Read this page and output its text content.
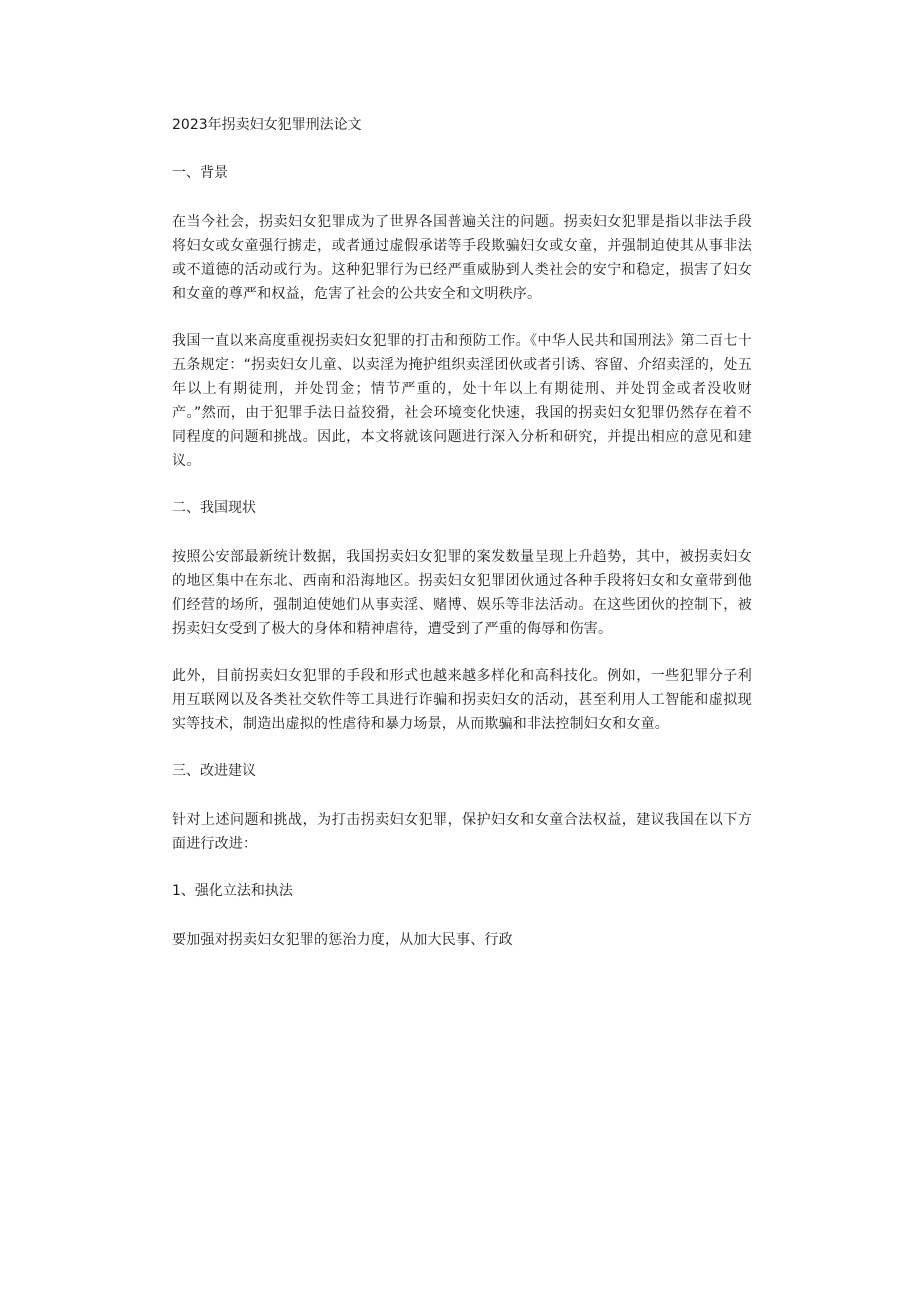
2023年拐卖妇女犯罪刑法论文
一、背景

在当今社会，拐卖妇女犯罪成为了世界各国普遍关注的问题。拐卖妇女犯罪是指以非法手段将妇女或女童强行掳走，或者通过虚假承诺等手段欺骗妇女或女童，并强制迫使其从事非法或不道德的活动或行为。这种犯罪行为已经严重威胁到人类社会的安宁和稳定，损害了妇女和女童的尊严和权益，危害了社会的公共安全和文明秩序。

我国一直以来高度重视拐卖妇女犯罪的打击和预防工作。《中华人民共和国刑法》第二百七十五条规定：“拐卖妇女儿童、以卖淫为掩护组织卖淫团伙或者引诱、容留、介绍卖淫的，处五年以上有期徒刑，并处罚金；情节严重的，处十年以上有期徒刑、并处罚金或者没收财产。”然而，由于犯罪手法日益狡猾，社会环境变化快速，我国的拐卖妇女犯罪仍然存在着不同程度的问题和挑战。因此，本文将就该问题进行深入分析和研究，并提出相应的意见和建议。

二、我国现状

按照公安部最新统计数据，我国拐卖妇女犯罪的案发数量呈现上升趋势，其中，被拐卖妇女的地区集中在东北、西南和沿海地区。拐卖妇女犯罪团伙通过各种手段将妇女和女童带到他们经营的场所，强制迫使她们从事卖淫、赌博、娱乐等非法活动。在这些团伙的控制下，被拐卖妇女受到了极大的身体和精神虐待，遭受到了严重的侮辱和伤害。

此外，目前拐卖妇女犯罪的手段和形式也越来越多样化和高科技化。例如，一些犯罪分子利用互联网以及各类社交软件等工具进行诈骗和拐卖妇女的活动，甚至利用人工智能和虚拟现实等技术，制造出虚拟的性虐待和暴力场景，从而欺骗和非法控制妇女和女童。

三、改进建议

针对上述问题和挑战，为打击拐卖妇女犯罪，保护妇女和女童合法权益，建议我国在以下方面进行改进：

1、强化立法和执法

要加强对拐卖妇女犯罪的惩治力度，从加大民事、行政
